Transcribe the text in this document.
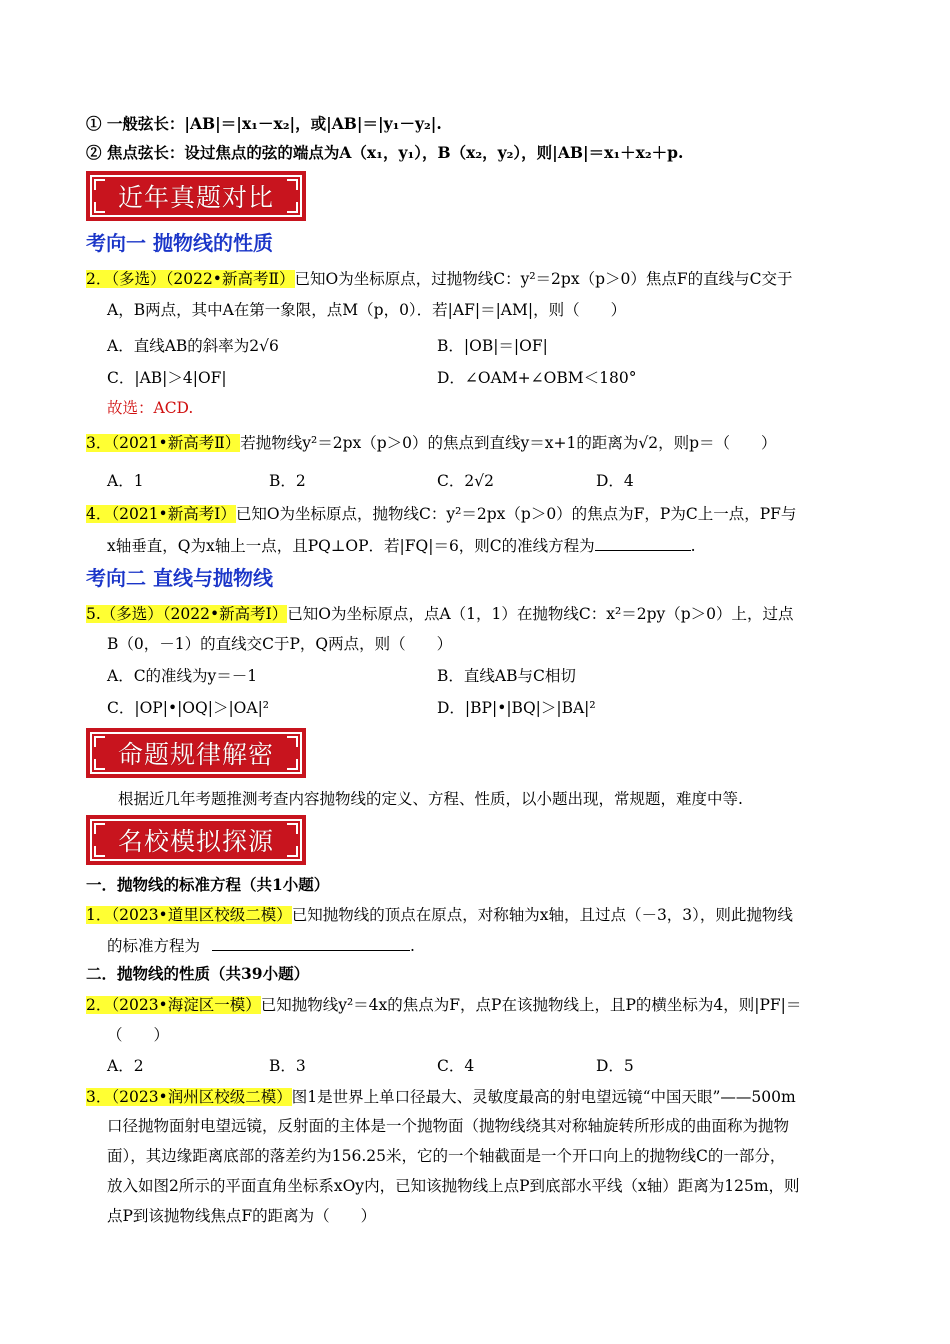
① 一般弦长：|AB|＝|x₁－x₂|，或|AB|＝|y₁－y₂|.
② 焦点弦长：设过焦点的弦的端点为A（x₁，y₁），B（x₂，y₂），则|AB|＝x₁＋x₂＋p.
近年真题对比
考向一 抛物线的性质
2．（多选）（2022•新高考Ⅱ）已知O为坐标原点，过抛物线C：y²＝2px（p＞0）焦点F的直线与C交于
A，B两点，其中A在第一象限，点M（p，0）．若|AF|＝|AM|，则（　　）
A．直线AB的斜率为2√6	B．|OB|＝|OF|
C．|AB|＞4|OF|	D．∠OAM+∠OBM＜180°
故选：ACD.
3．（2021•新高考Ⅱ）若抛物线y²＝2px（p＞0）的焦点到直线y＝x+1的距离为√2，则p＝（　　）
A．1	B．2	C．2√2	D．4
4．（2021•新高考Ⅰ）已知O为坐标原点，抛物线C：y²＝2px（p＞0）的焦点为F，P为C上一点，PF与
x轴垂直，Q为x轴上一点，且PQ⊥OP．若|FQ|＝6，则C的准线方程为	.
考向二 直线与抛物线
5.（多选）（2022•新高考Ⅰ）已知O为坐标原点，点A（1，1）在抛物线C：x²＝2py（p＞0）上，过点
B（0，－1）的直线交C于P，Q两点，则（　　）
A．C的准线为y＝－1	B．直线AB与C相切
C．|OP|•|OQ|＞|OA|²	D．|BP|•|BQ|＞|BA|²
命题规律解密
根据近几年考题推测考查内容抛物线的定义、方程、性质，以小题出现，常规题，难度中等.
名校模拟探源
一．抛物线的标准方程（共1小题）
1．（2023•道里区校级二模）已知抛物线的顶点在原点，对称轴为x轴，且过点（－3，3），则此抛物线
的标准方程为	.
二．抛物线的性质（共39小题）
2．（2023•海淀区一模）已知抛物线y²＝4x的焦点为F，点P在该抛物线上，且P的横坐标为4，则|PF|＝
（　　）
A．2	B．3	C．4	D．5
3．（2023•润州区校级二模）图1是世界上单口径最大、灵敏度最高的射电望远镜“中国天眼”——500m
口径抛物面射电望远镜，反射面的主体是一个抛物面（抛物线绕其对称轴旋转所形成的曲面称为抛物
面），其边缘距离底部的落差约为156.25米，它的一个轴截面是一个开口向上的抛物线C的一部分，
放入如图2所示的平面直角坐标系xOy内，已知该抛物线上点P到底部水平线（x轴）距离为125m，则
点P到该抛物线焦点F的距离为（　　）
